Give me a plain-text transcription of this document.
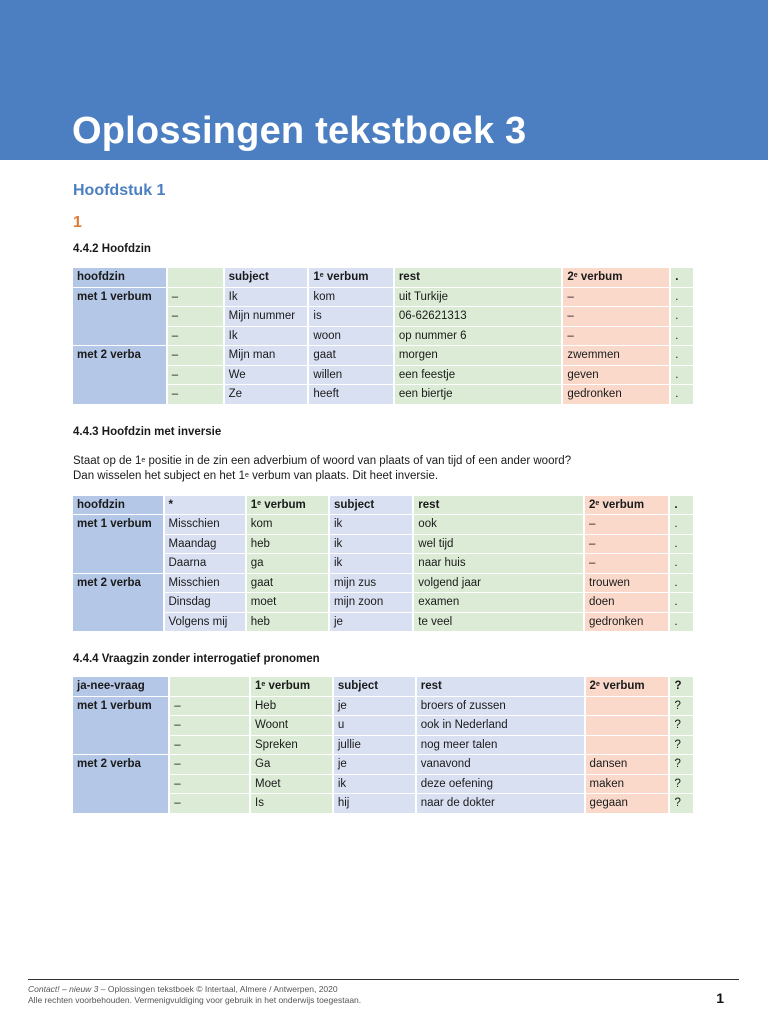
Oplossingen tekstboek 3
Hoofdstuk 1
1
4.4.2 Hoofdzin
hoofdzin		subject	1e verbum	rest	2e verbum	.
met 1 verbum	–	Ik	kom	uit Turkije	–	.
	–	Mijn nummer	is	06-62621313	–	.
	–	Ik	woon	op nummer 6	–	.
met 2 verba	–	Mijn man	gaat	morgen	zwemmen	.
	–	We	willen	een feestje	geven	.
	–	Ze	heeft	een biertje	gedronken	.
4.4.3 Hoofdzin met inversie

Staat op de 1e positie in de zin een adverbium of woord van plaats of van tijd of een ander woord?
Dan wisselen het subject en het 1e verbum van plaats. Dit heet inversie.

hoofdzin	*	1e verbum	subject	rest	2e verbum	.
met 1 verbum	Misschien	kom	ik	ook	–	.
	Maandag	heb	ik	wel tijd	–	.
	Daarna	ga	ik	naar huis	–	.
met 2 verba	Misschien	gaat	mijn zus	volgend jaar	trouwen	.
	Dinsdag	moet	mijn zoon	examen	doen	.
	Volgens mij	heb	je	te veel	gedronken	.
4.4.4 Vraagzin zonder interrogatief pronomen
ja-nee-vraag		1e verbum	subject	rest	2e verbum	?
met 1 verbum	–	Heb	je	broers of zussen		?
	–	Woont	u	ook in Nederland		?
	–	Spreken	jullie	nog meer talen		?
met 2 verba	–	Ga	je	vanavond	dansen	?
	–	Moet	ik	deze oefening	maken	?
	–	Is	hij	naar de dokter	gegaan	?
Contact! – nieuw 3 – Oplossingen tekstboek © Intertaal, Almere / Antwerpen, 2020
Alle rechten voorbehouden. Vermenigvuldiging voor gebruik in het onderwijs toegestaan.	1
